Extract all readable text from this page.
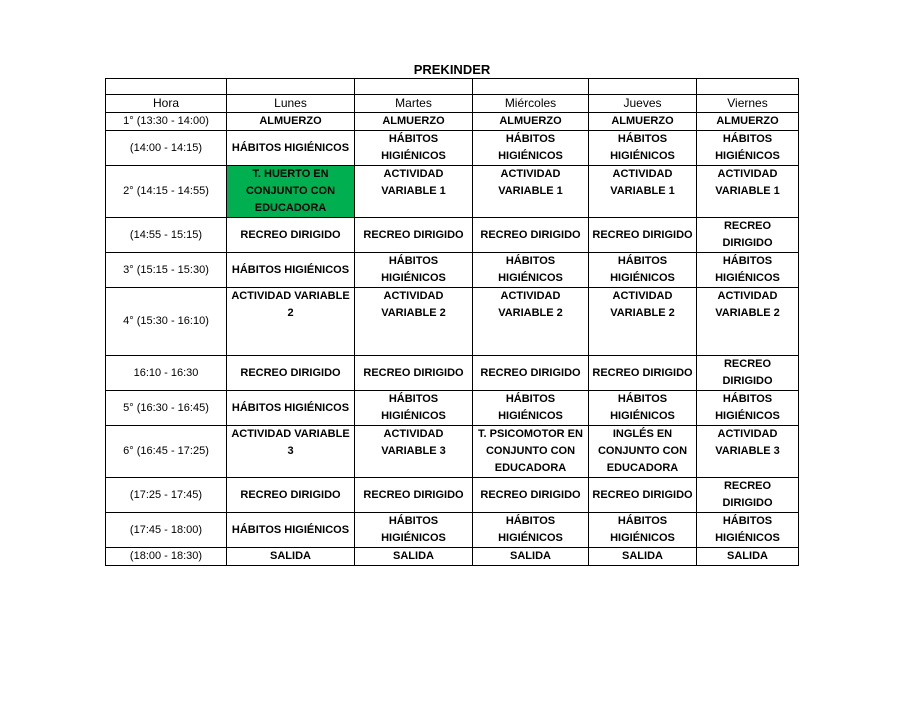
PREKINDER

Hora	Lunes	Martes	Miércoles	Jueves	Viernes
1° (13:30 - 14:00)	ALMUERZO	ALMUERZO	ALMUERZO	ALMUERZO	ALMUERZO
(14:00 - 14:15)	HÁBITOS HIGIÉNICOS	HÁBITOS HIGIÉNICOS	HÁBITOS HIGIÉNICOS	HÁBITOS HIGIÉNICOS	HÁBITOS HIGIÉNICOS
2° (14:15 - 14:55)	T. HUERTO EN CONJUNTO CON EDUCADORA	ACTIVIDAD VARIABLE 1	ACTIVIDAD VARIABLE 1	ACTIVIDAD VARIABLE 1	ACTIVIDAD VARIABLE 1
(14:55 - 15:15)	RECREO DIRIGIDO	RECREO DIRIGIDO	RECREO DIRIGIDO	RECREO DIRIGIDO	RECREO DIRIGIDO
3° (15:15 - 15:30)	HÁBITOS HIGIÉNICOS	HÁBITOS HIGIÉNICOS	HÁBITOS HIGIÉNICOS	HÁBITOS HIGIÉNICOS	HÁBITOS HIGIÉNICOS
4° (15:30 - 16:10)	ACTIVIDAD VARIABLE 2	ACTIVIDAD VARIABLE 2	ACTIVIDAD VARIABLE 2	ACTIVIDAD VARIABLE 2	ACTIVIDAD VARIABLE 2
16:10 - 16:30	RECREO DIRIGIDO	RECREO DIRIGIDO	RECREO DIRIGIDO	RECREO DIRIGIDO	RECREO DIRIGIDO
5° (16:30 - 16:45)	HÁBITOS HIGIÉNICOS	HÁBITOS HIGIÉNICOS	HÁBITOS HIGIÉNICOS	HÁBITOS HIGIÉNICOS	HÁBITOS HIGIÉNICOS
6° (16:45 - 17:25)	ACTIVIDAD VARIABLE 3	ACTIVIDAD VARIABLE 3	T. PSICOMOTOR EN CONJUNTO CON EDUCADORA	INGLÉS EN CONJUNTO CON EDUCADORA	ACTIVIDAD VARIABLE 3
(17:25 - 17:45)	RECREO DIRIGIDO	RECREO DIRIGIDO	RECREO DIRIGIDO	RECREO DIRIGIDO	RECREO DIRIGIDO
(17:45 - 18:00)	HÁBITOS HIGIÉNICOS	HÁBITOS HIGIÉNICOS	HÁBITOS HIGIÉNICOS	HÁBITOS HIGIÉNICOS	HÁBITOS HIGIÉNICOS
(18:00 - 18:30)	SALIDA	SALIDA	SALIDA	SALIDA	SALIDA
